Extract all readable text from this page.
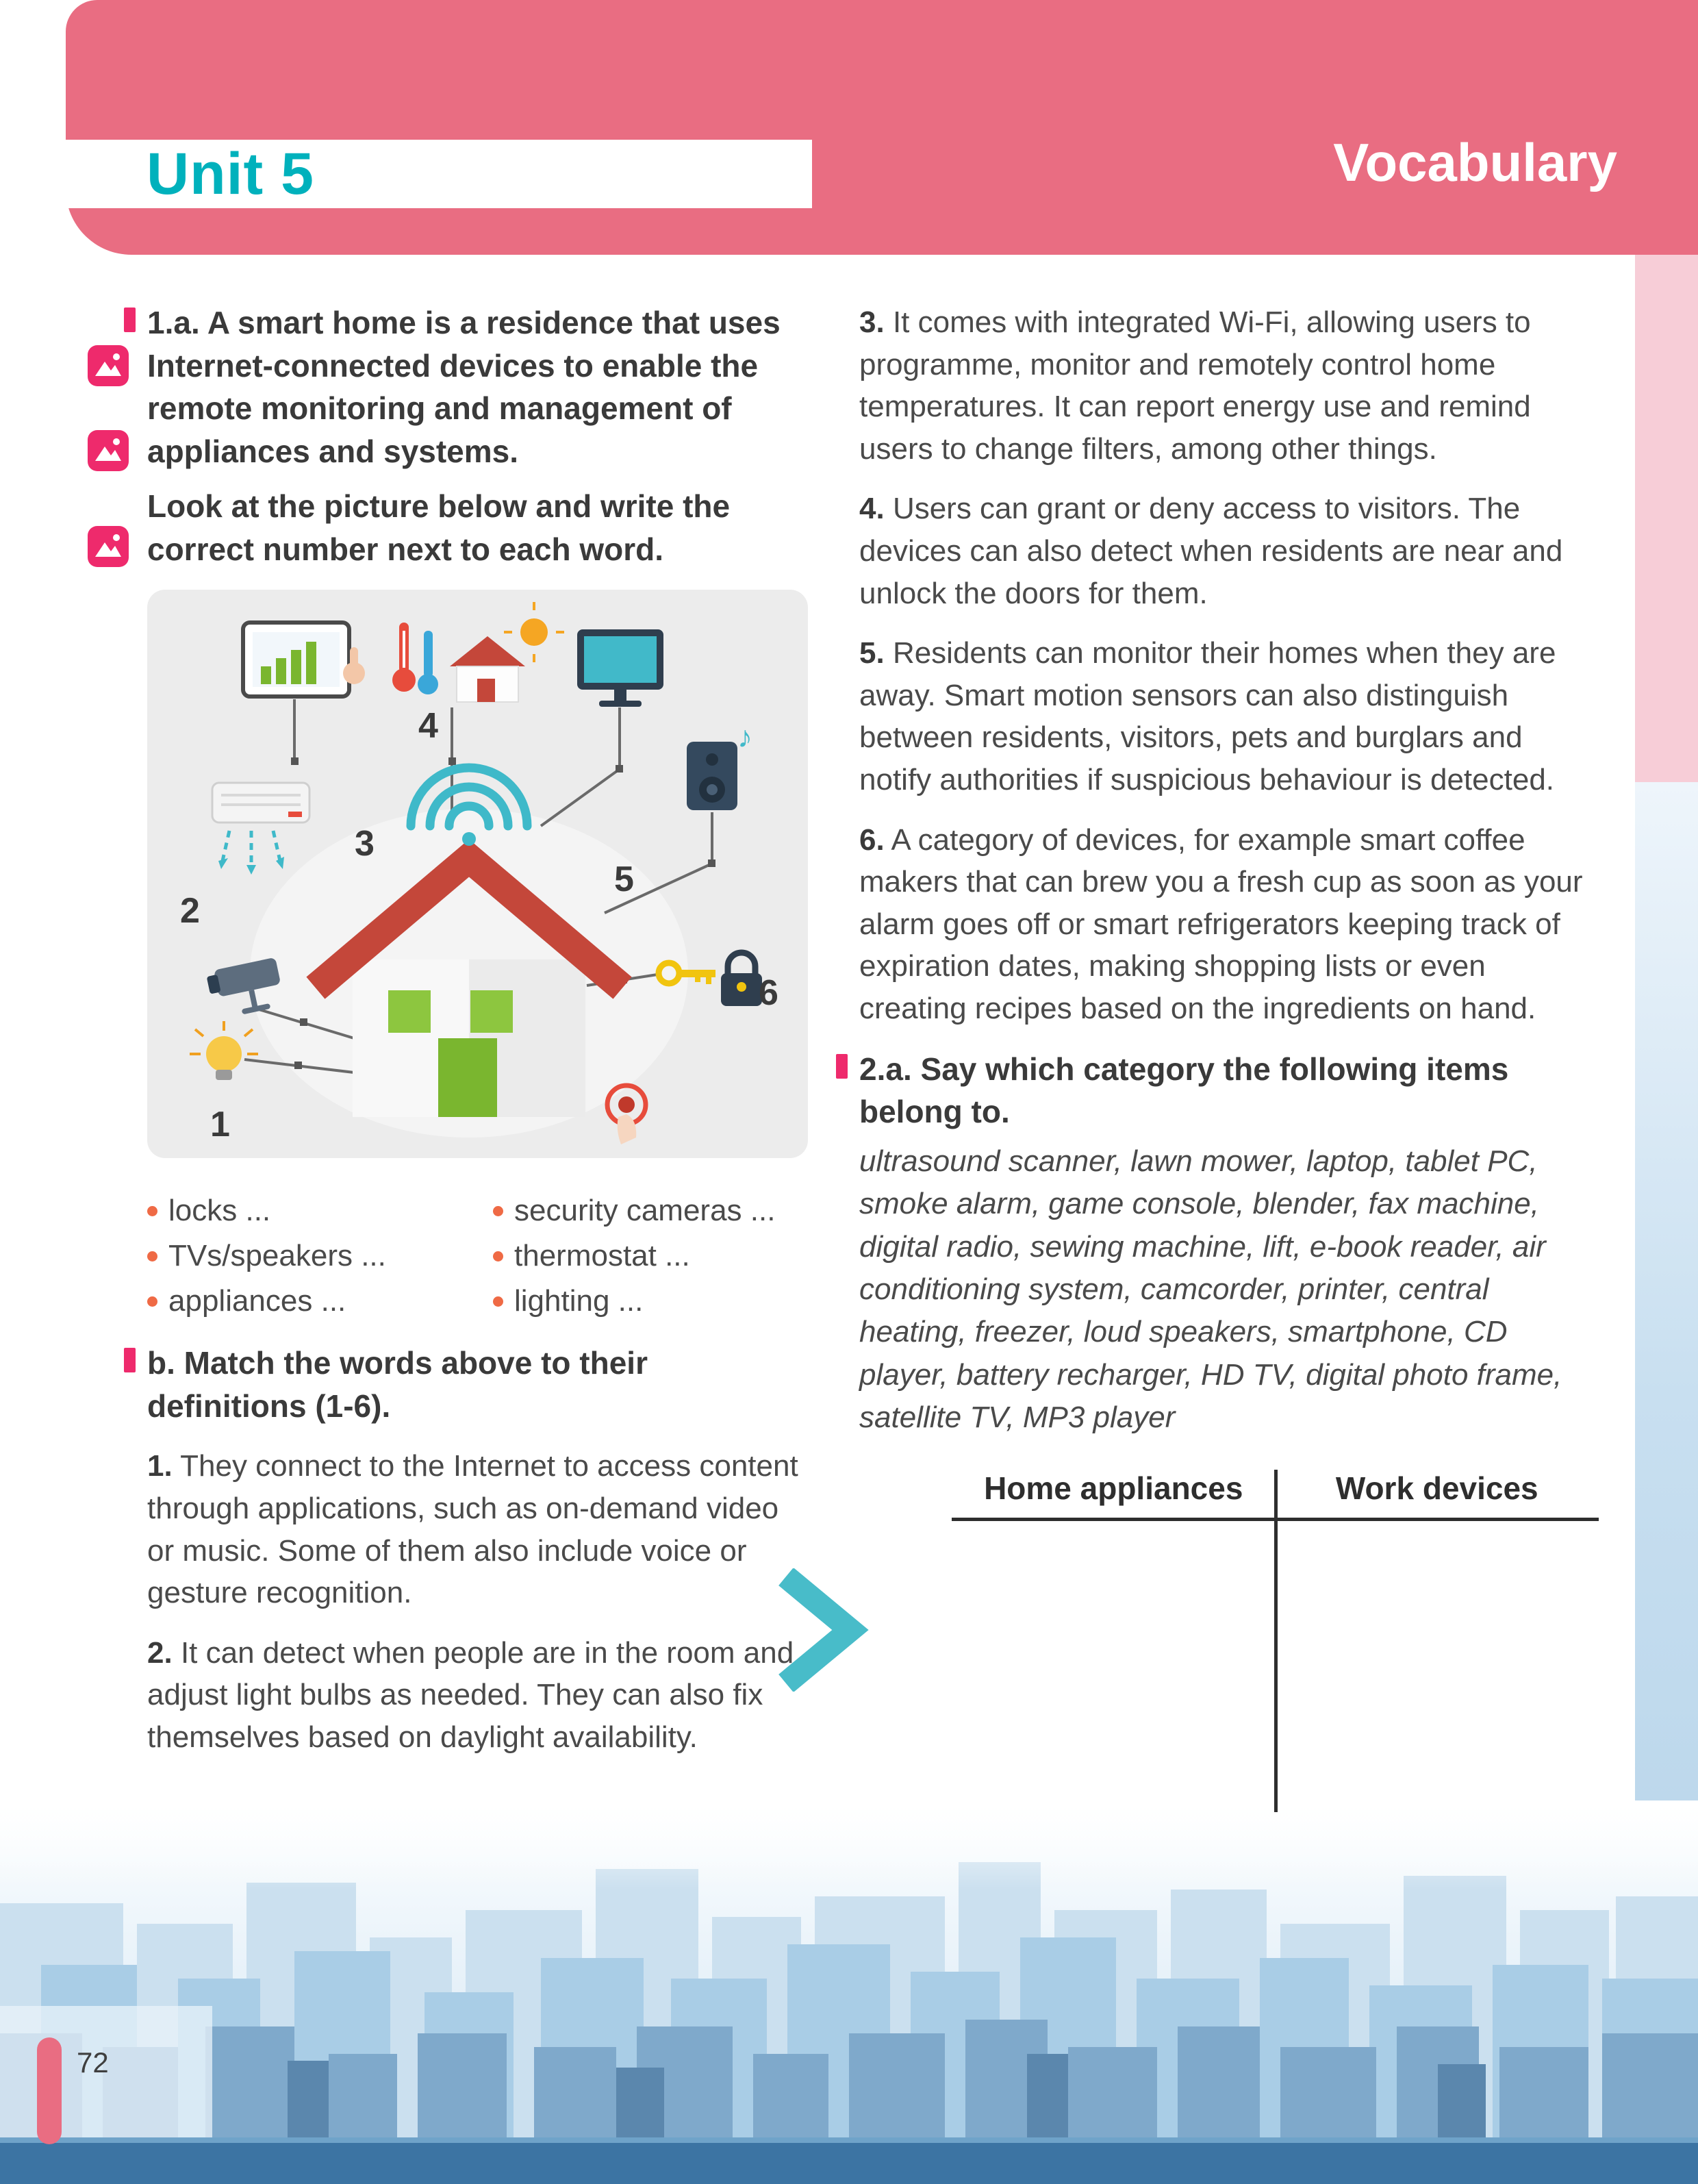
Unit 5	Vocabulary

1.a. A smart home is a residence that uses Internet-connected devices to enable the remote monitoring and management of appliances and systems.

Look at the picture below and write the correct number next to each word.

♪
1
2
3
4
5
6
locks ...	security cameras ...
TVs/speakers ...	thermostat ...
appliances ...	lighting ...

b. Match the words above to their definitions (1-6).

1. They connect to the Internet to access content through applications, such as on-demand video or music. Some of them also include voice or gesture recognition.

2. It can detect when people are in the room and adjust light bulbs as needed. They can also fix themselves based on daylight availability.

3. It comes with integrated Wi-Fi, allowing users to programme, monitor and remotely control home temperatures. It can report energy use and remind users to change filters, among other things.

4. Users can grant or deny access to visitors. The devices can also detect when residents are near and unlock the doors for them.

5. Residents can monitor their homes when they are away. Smart motion sensors can also distinguish between residents, visitors, pets and burglars and notify authorities if suspicious behaviour is detected.

6. A category of devices, for example smart coffee makers that can brew you a fresh cup as soon as your alarm goes off or smart refrigerators keeping track of expiration dates, making shopping lists or even creating recipes based on the ingredients on hand.

2.a. Say which category the following items belong to.

ultrasound scanner, lawn mower, laptop, tablet PC, smoke alarm, game console, blender, fax machine, digital radio, sewing machine, lift, e-book reader, air conditioning system, camcorder, printer, central heating, freezer, loud speakers, smartphone, CD player, battery recharger, HD TV, digital photo frame, satellite TV, MP3 player

Home appliances	Work devices
72
